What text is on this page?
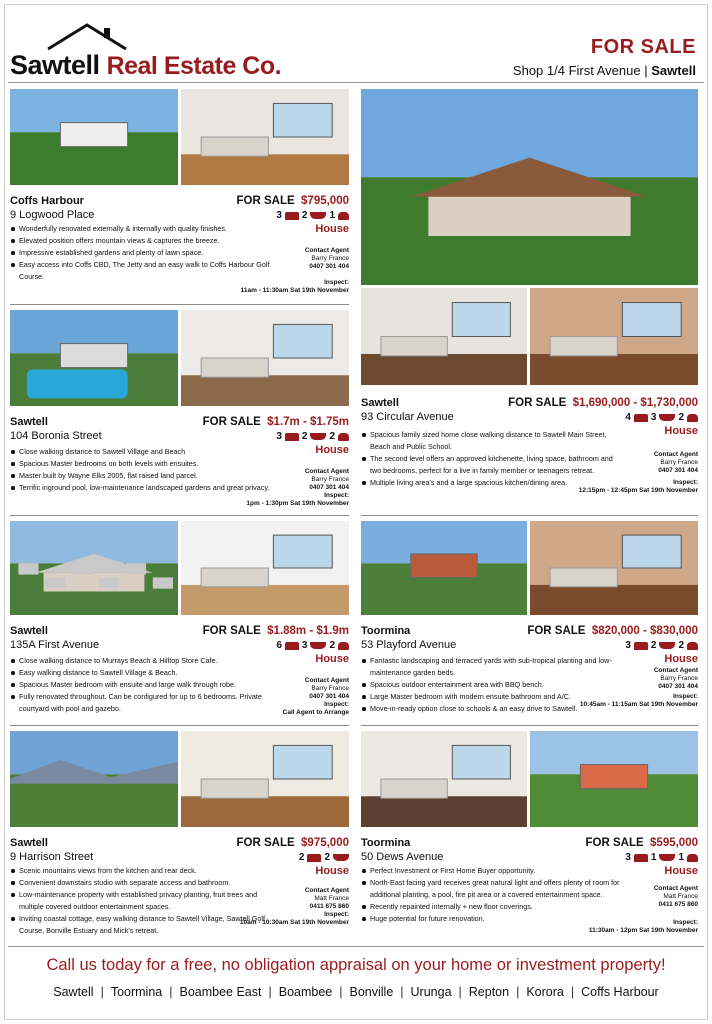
Sawtell Real Estate Co.
FOR SALE
Shop 1/4 First Avenue | Sawtell
Coffs Harbour
9 Logwood Place
FOR SALE $795,000
3 2 1
House
Wonderfully renovated externally & internally with quality finishes.
Elevated position offers mountain views & captures the breeze.
Impressive established gardens and plenty of lawn space.
Easy access into Coffs CBD, The Jetty and an easy walk to Coffs Harbour Golf Course.
Contact Agent
Barry France
0407 301 404
Inspect:
11am - 11:30am Sat 19th November
Sawtell
104 Boronia Street
FOR SALE $1.7m - $1.75m
3 2 2
House
Close walking distance to Sawtell Village and Beach
Spacious Master bedrooms on both levels with ensuites.
Master built by Wayne Elks 2005, flat raised land parcel.
Terrific inground pool, low-maintenance landscaped gardens and great privacy.
Contact Agent
Barry France
0407 301 404
Inspect:
1pm - 1:30pm Sat 19th November
Sawtell
135A First Avenue
FOR SALE $1.88m - $1.9m
6 3 2
House
Close walking distance to Murrays Beach & Hilltop Store Cafe.
Easy walking distance to Sawtell Village & Beach.
Spacious Master bedroom with ensuite and large walk through robe.
Fully renovated throughout. Can be configured for up to 6 bedrooms. Private courtyard with pool and gazebo.
Contact Agent
Barry France
0407 301 404
Inspect:
Call Agent to Arrange
Sawtell
9 Harrison Street
FOR SALE $975,000
2 2
House
Scenic mountains views from the kitchen and rear deck.
Convenient downstairs studio with separate access and bathroom.
Low-maintenance property with established privacy planting, fruit trees and multiple covered outdoor entertainment spaces.
Inviting coastal cottage, easy walking distance to Sawtell Village, Sawtell Golf Course, Bonville Estuary and Mick's retreat.
Contact Agent
Matt France
0411 675 860
Inspect:
10am - 10:30am Sat 19th November
Sawtell
93 Circular Avenue
FOR SALE $1,690,000 - $1,730,000
4 3 2
House
Spacious family sized home close walking distance to Sawtell Main Street, Beach and Public School.
The second level offers an approved kitchenette, living space, bathroom and two bedrooms, perfect for a live in family member or teenagers retreat.
Multiple living area's and a large spacious kitchen/dining area.
Contact Agent
Barry France
0407 301 404
Inspect:
12:15pm - 12:45pm Sat 19th November
Toormina
53 Playford Avenue
FOR SALE $820,000 - $830,000
3 2 2
House
Fantastic landscaping and terraced yards with sub-tropical planting and low-maintenance garden beds.
Spacious outdoor entertainment area with BBQ bench.
Large Master bedroom with modern ensuite bathroom and A/C.
Move-in-ready option close to schools & an easy drive to Sawtell.
Contact Agent
Barry France
0407 301 404
Inspect:
10:45am - 11:15am Sat 19th November
Toormina
50 Dews Avenue
FOR SALE $595,000
3 1 1
House
Perfect Investment or First Home Buyer opportunity.
North-East facing yard receives great natural light and offers plenty of room for additional planting, a pool, fire pit area or a covered entertainment space.
Recently repainted internally + new floor coverings.
Huge potential for future renovation.
Contact Agent
Matt France
0411 675 860
Inspect:
11:30am - 12pm Sat 19th November
Call us today for a free, no obligation appraisal on your home or investment property!
Sawtell | Toormina | Boambee East | Boambee | Bonville | Urunga | Repton | Korora | Coffs Harbour
